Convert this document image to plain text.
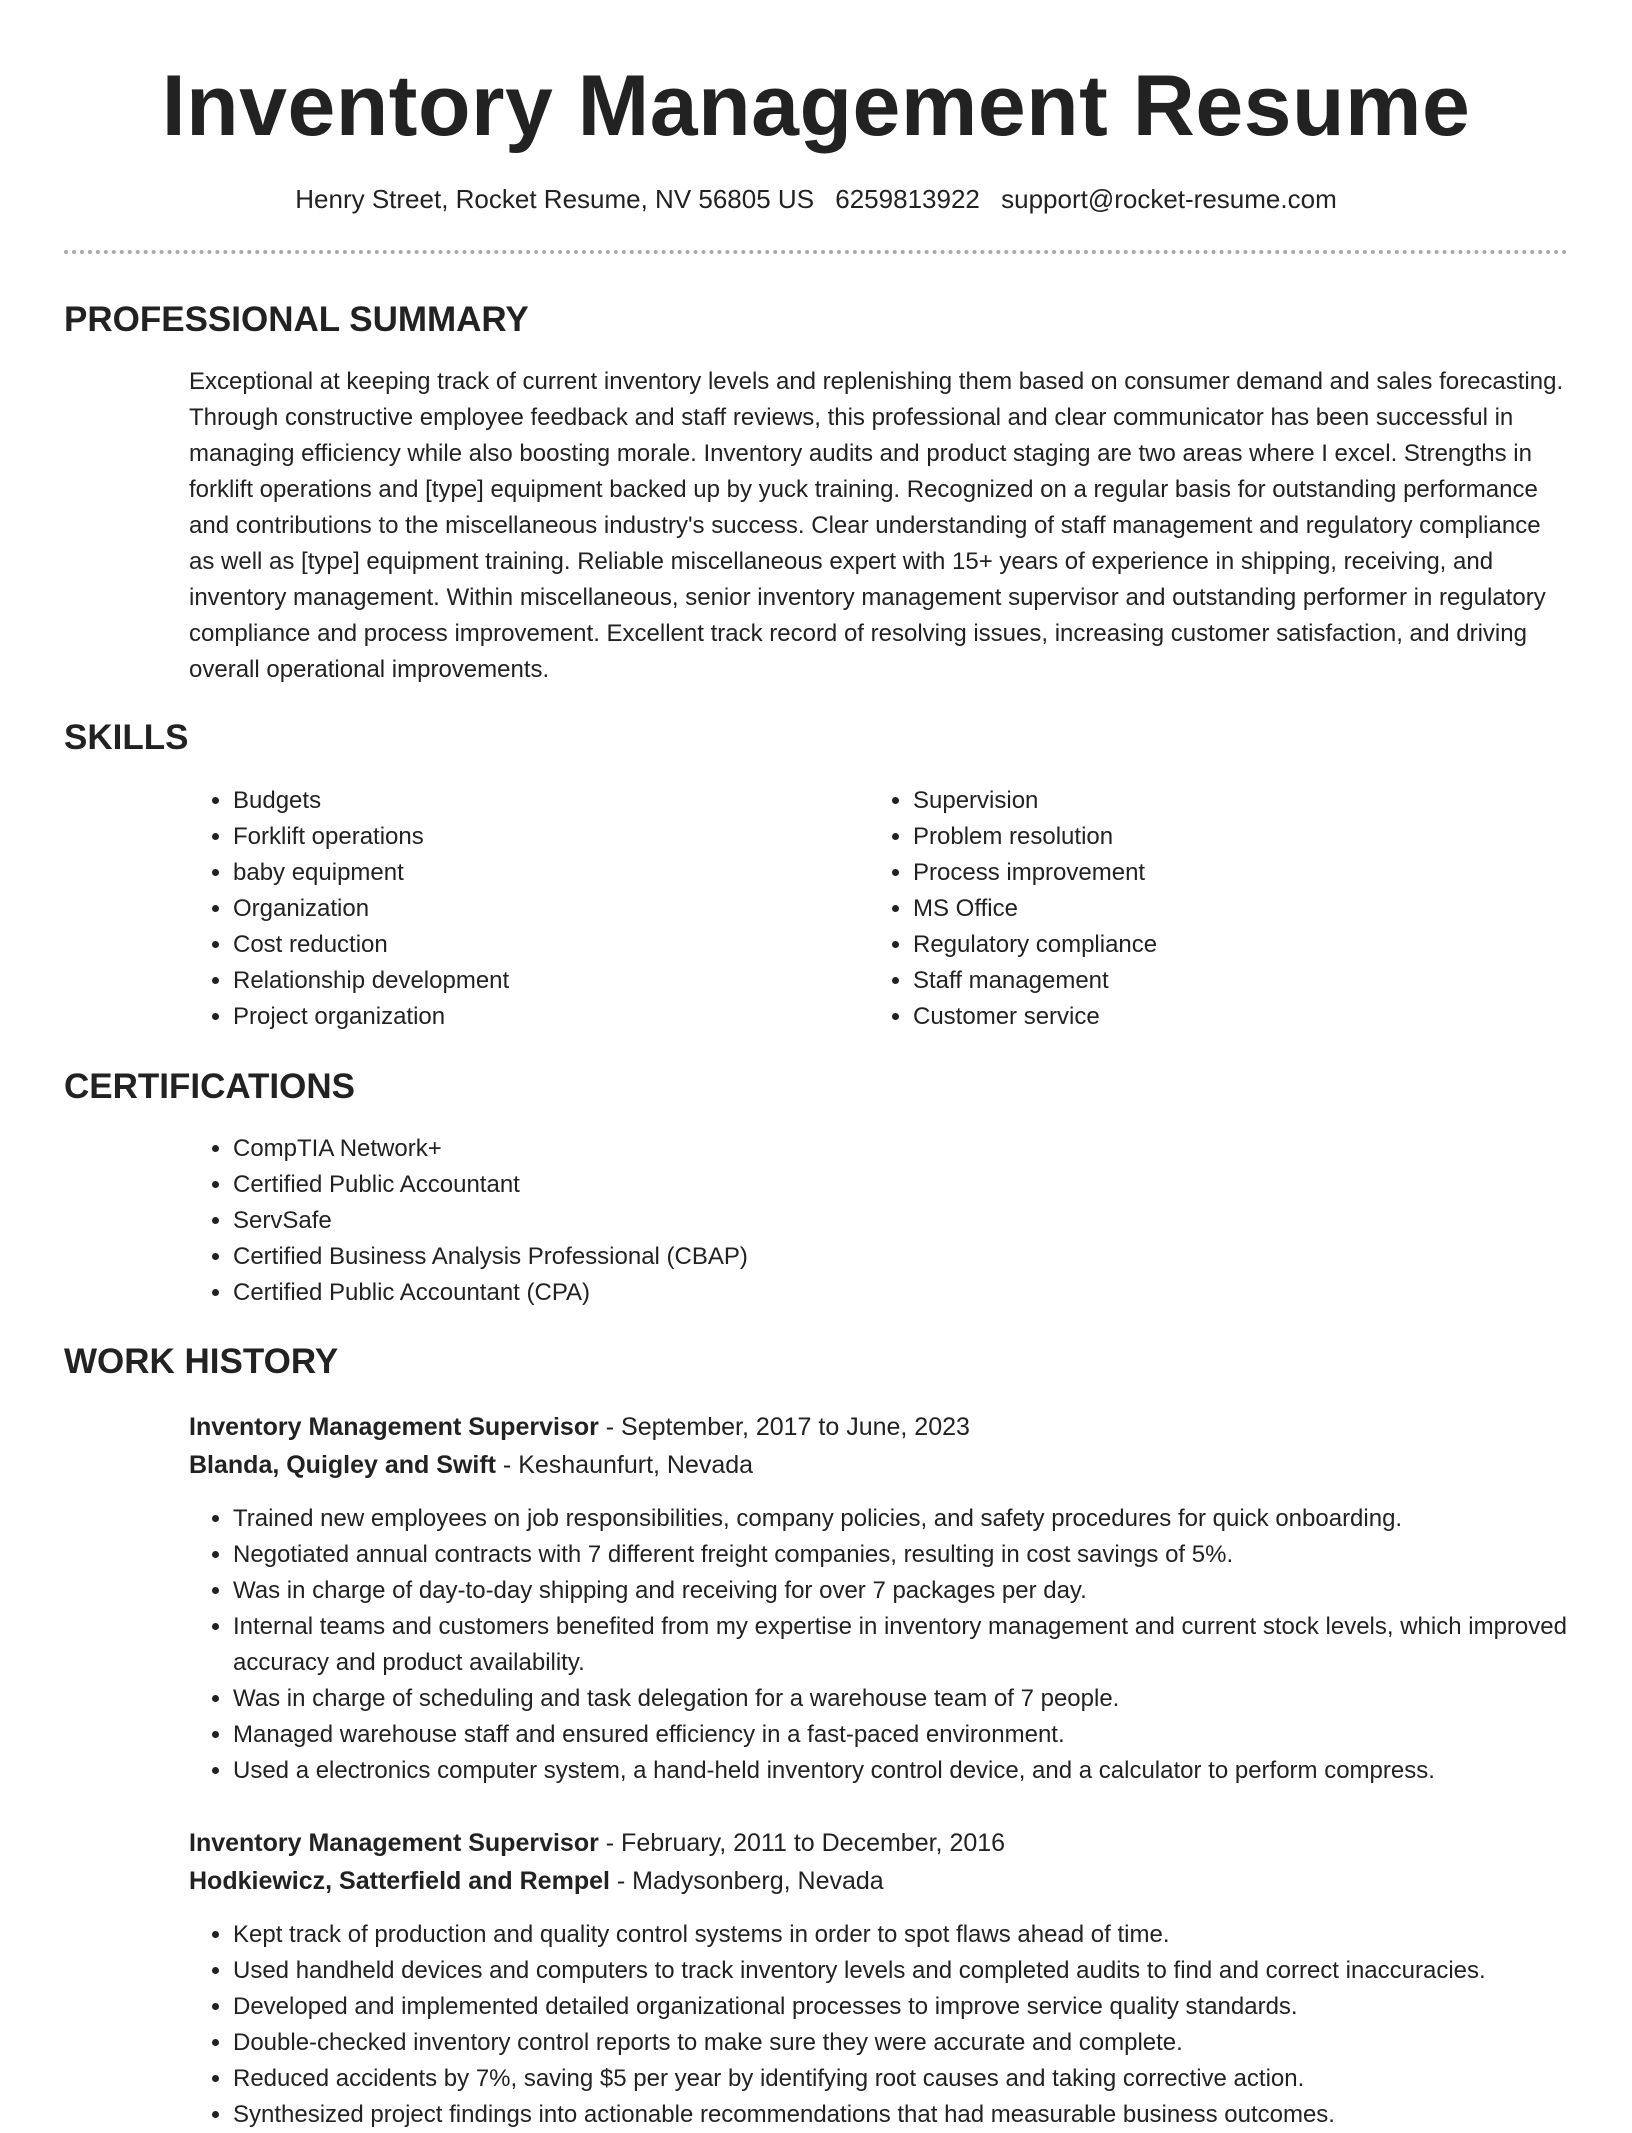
Inventory Management Resume
Henry Street, Rocket Resume, NV 56805 US 6259813922 support@rocket-resume.com
PROFESSIONAL SUMMARY
Exceptional at keeping track of current inventory levels and replenishing them based on consumer demand and sales forecasting. Through constructive employee feedback and staff reviews, this professional and clear communicator has been successful in managing efficiency while also boosting morale. Inventory audits and product staging are two areas where I excel. Strengths in forklift operations and [type] equipment backed up by yuck training. Recognized on a regular basis for outstanding performance and contributions to the miscellaneous industry's success. Clear understanding of staff management and regulatory compliance as well as [type] equipment training. Reliable miscellaneous expert with 15+ years of experience in shipping, receiving, and inventory management. Within miscellaneous, senior inventory management supervisor and outstanding performer in regulatory compliance and process improvement. Excellent track record of resolving issues, increasing customer satisfaction, and driving overall operational improvements.
SKILLS
• Budgets
• Forklift operations
• baby equipment
• Organization
• Cost reduction
• Relationship development
• Project organization
• Supervision
• Problem resolution
• Process improvement
• MS Office
• Regulatory compliance
• Staff management
• Customer service
CERTIFICATIONS
• CompTIA Network+
• Certified Public Accountant
• ServSafe
• Certified Business Analysis Professional (CBAP)
• Certified Public Accountant (CPA)
WORK HISTORY
Inventory Management Supervisor - September, 2017 to June, 2023
Blanda, Quigley and Swift - Keshaunfurt, Nevada
• Trained new employees on job responsibilities, company policies, and safety procedures for quick onboarding.
• Negotiated annual contracts with 7 different freight companies, resulting in cost savings of 5%.
• Was in charge of day-to-day shipping and receiving for over 7 packages per day.
• Internal teams and customers benefited from my expertise in inventory management and current stock levels, which improved accuracy and product availability.
• Was in charge of scheduling and task delegation for a warehouse team of 7 people.
• Managed warehouse staff and ensured efficiency in a fast-paced environment.
• Used a electronics computer system, a hand-held inventory control device, and a calculator to perform compress.
Inventory Management Supervisor - February, 2011 to December, 2016
Hodkiewicz, Satterfield and Rempel - Madysonberg, Nevada
• Kept track of production and quality control systems in order to spot flaws ahead of time.
• Used handheld devices and computers to track inventory levels and completed audits to find and correct inaccuracies.
• Developed and implemented detailed organizational processes to improve service quality standards.
• Double-checked inventory control reports to make sure they were accurate and complete.
• Reduced accidents by 7%, saving $5 per year by identifying root causes and taking corrective action.
• Synthesized project findings into actionable recommendations that had measurable business outcomes.
